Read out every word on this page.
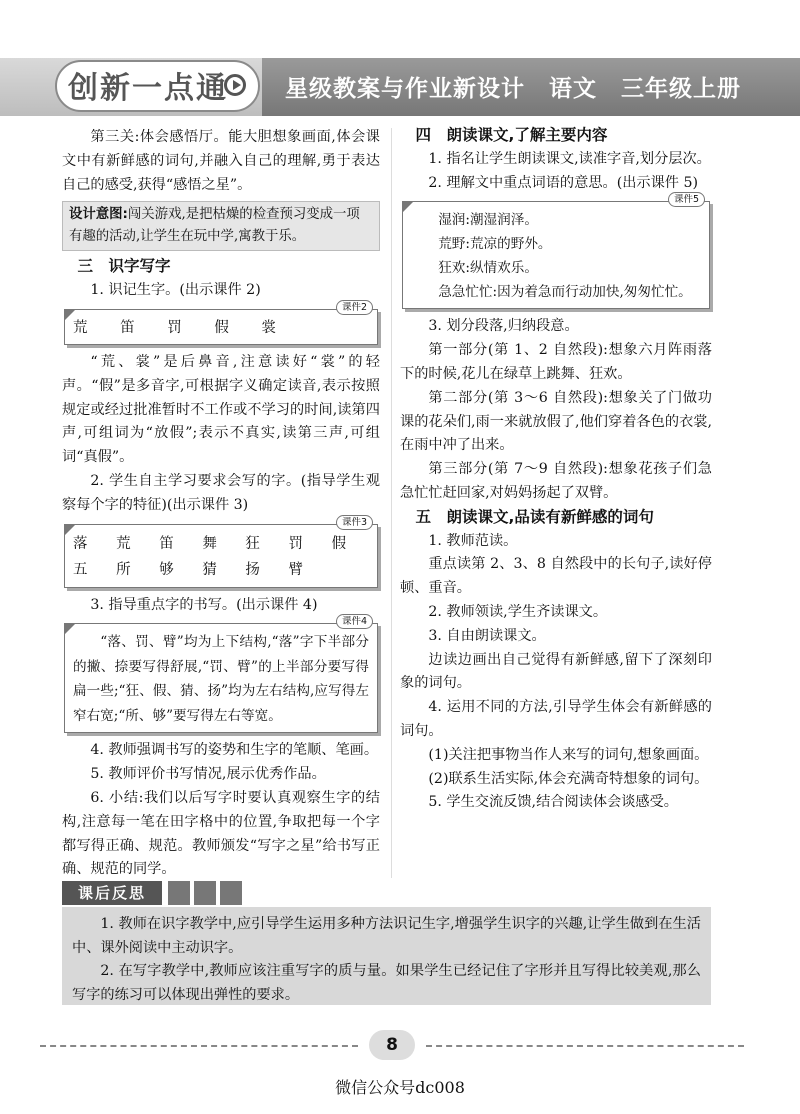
创新一点通 星级教案与作业新设计　语文　三年级上册

第三关:体会感悟厅。能大胆想象画面,体会课文中有新鲜感的词句,并融入自己的理解,勇于表达自己的感受,获得“感悟之星”。

设计意图:闯关游戏,是把枯燥的检查预习变成一项有趣的活动,让学生在玩中学,寓教于乐。

三　识字写字

1. 识记生字。(出示课件 2)

课件2
荒 笛 罚 假 裳

“荒、裳”是后鼻音,注意读好“裳”的轻声。“假”是多音字,可根据字义确定读音,表示按照规定或经过批准暂时不工作或不学习的时间,读第四声,可组词为“放假”;表示不真实,读第三声,可组词“真假”。

2. 学生自主学习要求会写的字。(指导学生观察每个字的特征)(出示课件 3)

课件3
落 荒 笛 舞 狂 罚 假 五 所 够 猜 扬 臂

3. 指导重点字的书写。(出示课件 4)

课件4

“落、罚、臂”均为上下结构,“落”字下半部分的撇、捺要写得舒展,“罚、臂”的上半部分要写得扁一些;“狂、假、猜、扬”均为左右结构,应写得左窄右宽;“所、够”要写得左右等宽。

4. 教师强调书写的姿势和生字的笔顺、笔画。

5. 教师评价书写情况,展示优秀作品。

6. 小结:我们以后写字时要认真观察生字的结构,注意每一笔在田字格中的位置,争取把每一个字都写得正确、规范。教师颁发“写字之星”给书写正确、规范的同学。

四　朗读课文,了解主要内容

1. 指名让学生朗读课文,读准字音,划分层次。

2. 理解文中重点词语的意思。(出示课件 5)

课件5

湿润:潮湿润泽。

荒野:荒凉的野外。

狂欢:纵情欢乐。

急急忙忙:因为着急而行动加快,匆匆忙忙。

3. 划分段落,归纳段意。

第一部分(第 1、2 自然段):想象六月阵雨落下的时候,花儿在绿草上跳舞、狂欢。

第二部分(第 3～6 自然段):想象关了门做功课的花朵们,雨一来就放假了,他们穿着各色的衣裳,在雨中冲了出来。

第三部分(第 7～9 自然段):想象花孩子们急急忙忙赶回家,对妈妈扬起了双臂。

五　朗读课文,品读有新鲜感的词句

1. 教师范读。

重点读第 2、3、8 自然段中的长句子,读好停顿、重音。

2. 教师领读,学生齐读课文。

3. 自由朗读课文。

边读边画出自己觉得有新鲜感,留下了深刻印象的词句。

4. 运用不同的方法,引导学生体会有新鲜感的词句。

(1)关注把事物当作人来写的词句,想象画面。

(2)联系生活实际,体会充满奇特想象的词句。

5. 学生交流反馈,结合阅读体会谈感受。

课后反思

1. 教师在识字教学中,应引导学生运用多种方法识记生字,增强学生识字的兴趣,让学生做到在生活中、课外阅读中主动识字。

2. 在写字教学中,教师应该注重写字的质与量。如果学生已经记住了字形并且写得比较美观,那么写字的练习可以体现出弹性的要求。

8
微信公众号dc008
